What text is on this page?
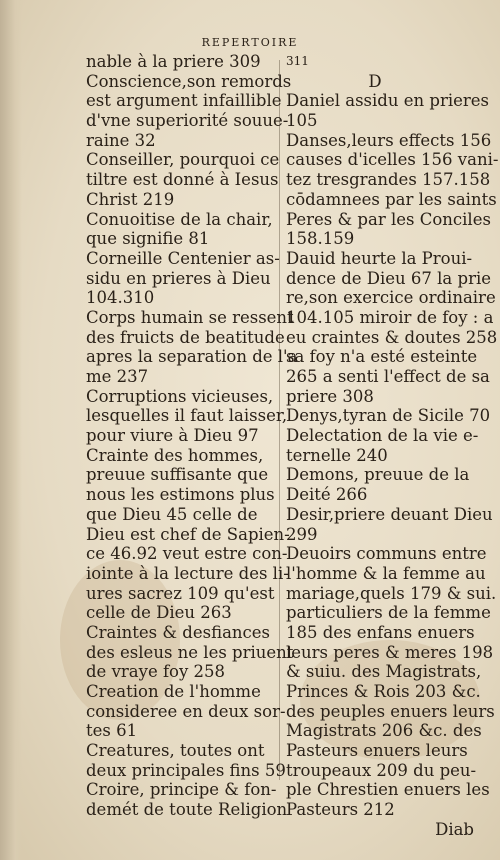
REPERTOIRE
nable à la priere 309
Conscience,son remords
est argument infaillible
d'vne superiorité souue-
raine 32
Conseiller, pourquoi ce
tiltre est donné à Iesus
Christ 219
Conuoitise de la chair,
que signifie 81
Corneille Centenier as-
sidu en prieres à Dieu
104.310
Corps humain se ressent
des fruicts de beatitude
apres la separation de l'a
me 237
Corruptions vicieuses,
lesquelles il faut laisser,
pour viure à Dieu 97
Crainte des hommes,
preuue suffisante que
nous les estimons plus
que Dieu 45 celle de
Dieu est chef de Sapien-
ce 46.92 veut estre con-
iointe à la lecture des li-
ures sacrez 109 qu'est
celle de Dieu 263
Craintes & desfiances
des esleus ne les priuent
de vraye foy 258
Creation de l'homme
consideree en deux sor-
tes 61
Creatures, toutes ont
deux principales fins 59
Croire, principe & fon-
demét de toute Religion
311
D
Daniel assidu en prieres
105
Danses,leurs effects 156
causes d'icelles 156 vani-
tez tresgrandes 157.158
cōdamnees par les saints
Peres & par les Conciles
158.159
Dauid heurte la Proui-
dence de Dieu 67 la prie
re,son exercice ordinaire
104.105 miroir de foy : a
eu craintes & doutes 258
sa foy n'a esté esteinte
265 a senti l'effect de sa
priere 308
Denys,tyran de Sicile 70
Delectation de la vie e-
ternelle 240
Demons, preuue de la
Deité 266
Desir,priere deuant Dieu
299
Deuoirs communs entre
l'homme & la femme au
mariage,quels 179 & sui.
particuliers de la femme
185 des enfans enuers
leurs peres & meres 198
& suiu. des Magistrats,
Princes & Rois 203 &c.
des peuples enuers leurs
Magistrats 206 &c. des
Pasteurs enuers leurs
troupeaux 209 du peu-
ple Chrestien enuers les
Pasteurs 212
Diab
